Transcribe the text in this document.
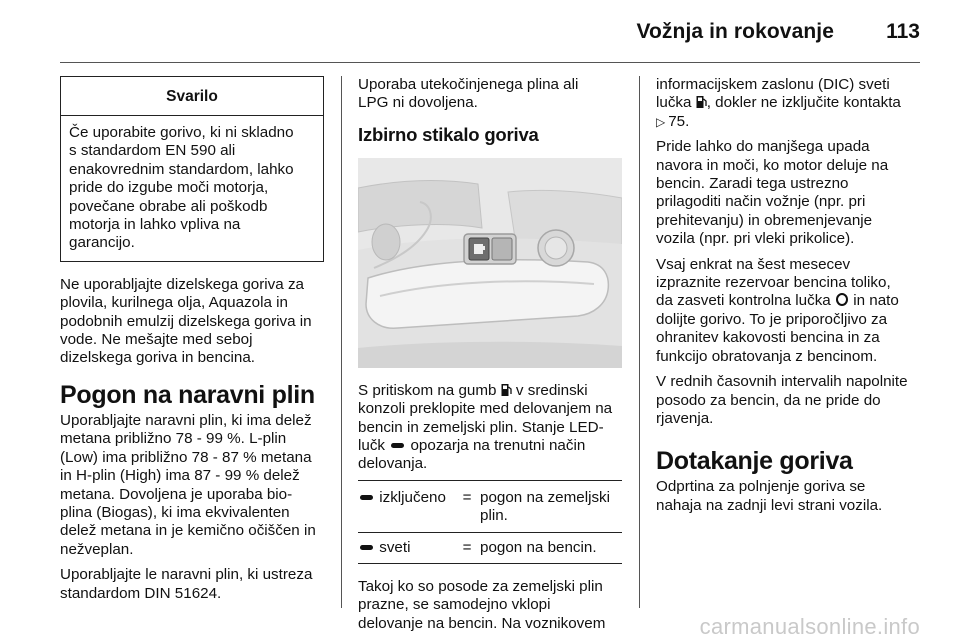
Vožnja in rokovanje 113
Svarilo

Če uporabite gorivo, ki ni skladno

s standardom EN 590 ali

enakovrednim standardom, lahko

pride do izgube moči motorja,

povečane obrabe ali poškodb

motorja in lahko vpliva na

garancijo.

Ne uporabljajte dizelskega goriva za

plovila, kurilnega olja, Aquazola in

podobnih emulzij dizelskega goriva in

vode. Ne mešajte med seboj

dizelskega goriva in bencina.

Pogon na naravni plin

Uporabljajte naravni plin, ki ima delež

metana približno 78 - 99 %. L-plin

(Low) ima približno 78 - 87 % metana

in H-plin (High) ima 87 - 99 % delež

metana. Dovoljena je uporaba bio-

plina (Biogas), ki ima ekvivalenten

delež metana in je kemično očiščen in

nežveplan.

Uporabljajte le naravni plin, ki ustreza

standardom DIN 51624.

Uporaba utekočinjenega plina ali

LPG ni dovoljena.

Izbirno stikalo goriva

S pritiskom na gumb v sredinski

konzoli preklopite med delovanjem na

bencin in zemeljski plin. Stanje LED-

lučk opozarja na trenutni način

delovanja.

izključeno	=	pogon na zemeljski
plin.

sveti	=	pogon na bencin.

Takoj ko so posode za zemeljski plin

prazne, se samodejno vklopi

delovanje na bencin. Na voznikovem

informacijskem zaslonu (DIC) sveti

lučka , dokler ne izključite kontakta

▷ 75.

Pride lahko do manjšega upada

navora in moči, ko motor deluje na

bencin. Zaradi tega ustrezno

prilagoditi način vožnje (npr. pri

prehitevanju) in obremenjevanje

vozila (npr. pri vleki prikolice).

Vsaj enkrat na šest mesecev

izpraznite rezervoar bencina toliko,

da zasveti kontrolna lučka in nato

dolijte gorivo. To je priporočljivo za

ohranitev kakovosti bencina in za

funkcijo obratovanja z bencinom.

V rednih časovnih intervalih napolnite

posodo za bencin, da ne pride do

rjavenja.

Dotakanje goriva

Odprtina za polnjenje goriva se

nahaja na zadnji levi strani vozila.

carmanualsonline.info
